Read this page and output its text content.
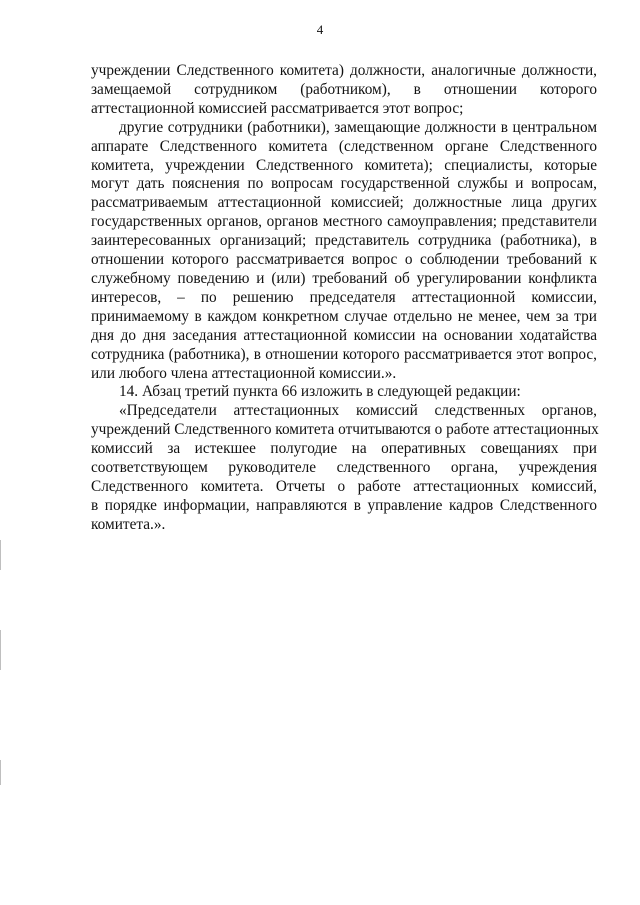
4

учреждении Следственного комитета) должности, аналогичные должности,
замещаемой сотрудником (работником), в отношении которого
аттестационной комиссией рассматривается этот вопрос;

другие сотрудники (работники), замещающие должности в центральном
аппарате Следственного комитета (следственном органе Следственного
комитета, учреждении Следственного комитета); специалисты, которые
могут дать пояснения по вопросам государственной службы и вопросам,
рассматриваемым аттестационной комиссией; должностные лица других
государственных органов, органов местного самоуправления; представители
заинтересованных организаций; представитель сотрудника (работника), в
отношении которого рассматривается вопрос о соблюдении требований к
служебному поведению и (или) требований об урегулировании конфликта
интересов, – по решению председателя аттестационной комиссии,
принимаемому в каждом конкретном случае отдельно не менее, чем за три
дня до дня заседания аттестационной комиссии на основании ходатайства
сотрудника (работника), в отношении которого рассматривается этот вопрос,
или любого члена аттестационной комиссии.».

14. Абзац третий пункта 66 изложить в следующей редакции:

«Председатели аттестационных комиссий следственных органов,
учреждений Следственного комитета отчитываются о работе аттестационных
комиссий за истекшее полугодие на оперативных совещаниях при
соответствующем руководителе следственного органа, учреждения
Следственного комитета. Отчеты о работе аттестационных комиссий,
в порядке информации, направляются в управление кадров Следственного
комитета.».
